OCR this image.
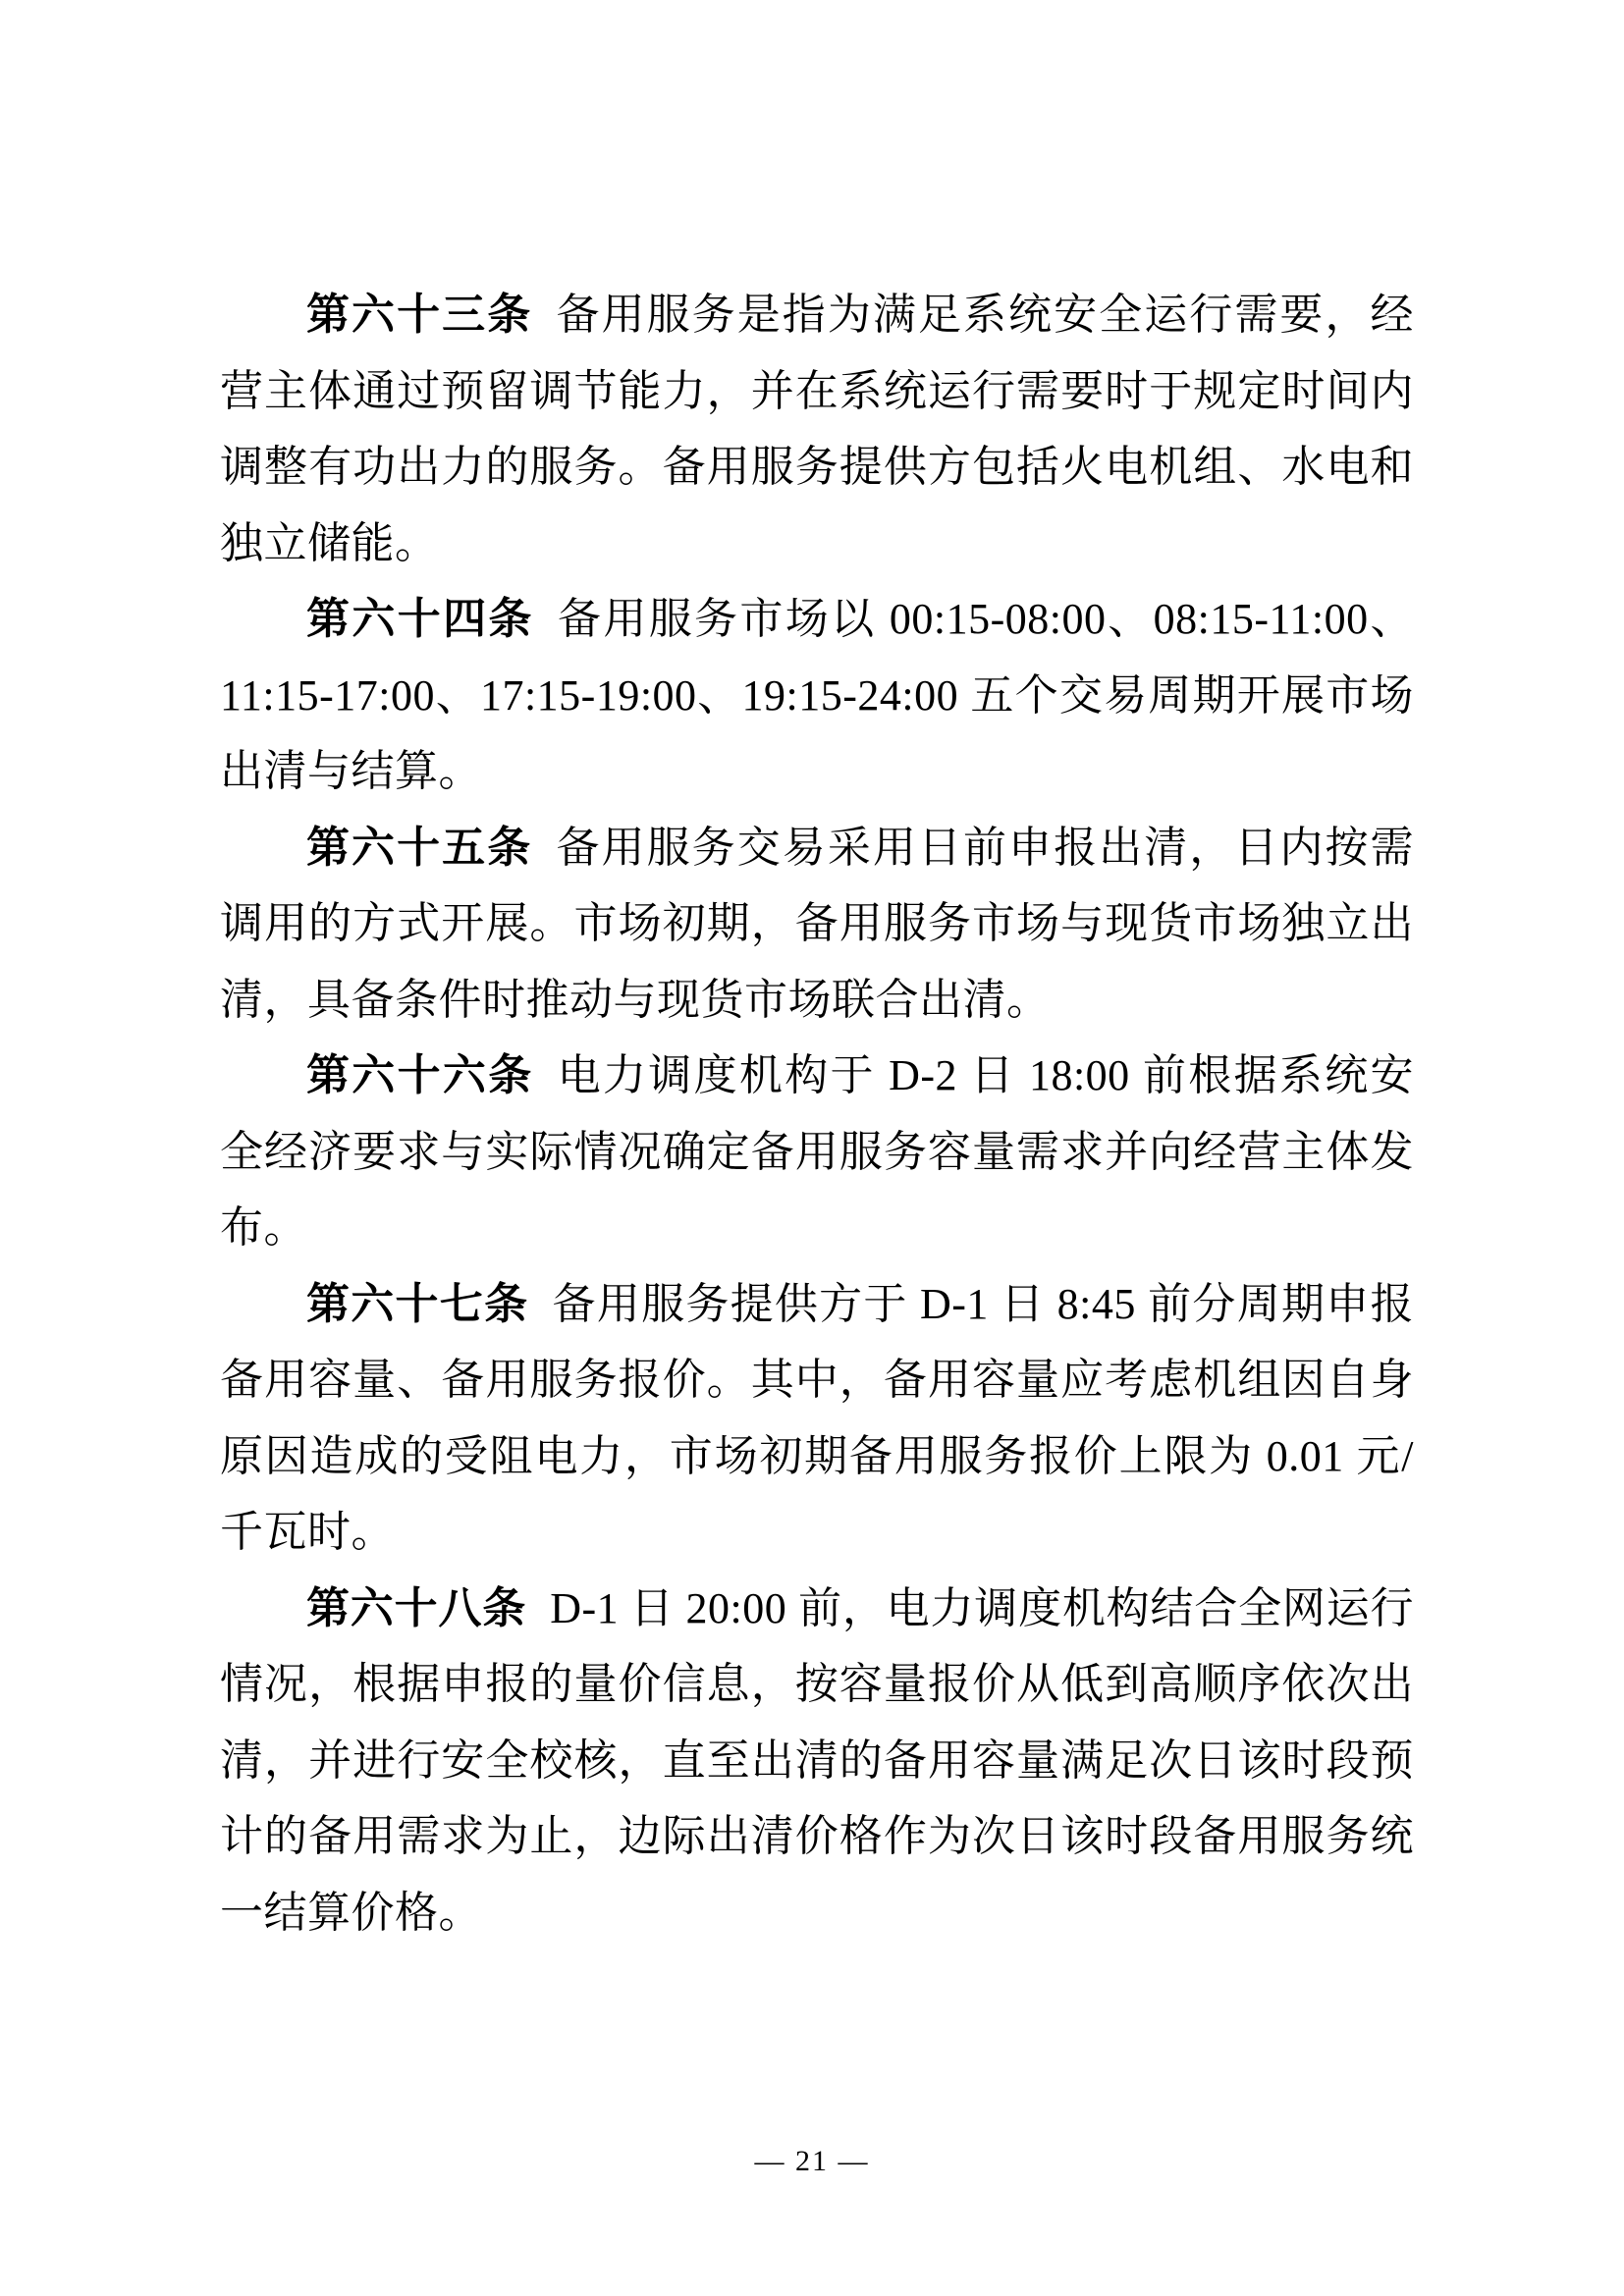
第六十三条 备用服务是指为满足系统安全运行需要，经营主体通过预留调节能力，并在系统运行需要时于规定时间内调整有功出力的服务。备用服务提供方包括火电机组、水电和独立储能。

第六十四条 备用服务市场以 00:15-08:00、08:15-11:00、11:15-17:00、17:15-19:00、19:15-24:00 五个交易周期开展市场出清与结算。

第六十五条 备用服务交易采用日前申报出清，日内按需调用的方式开展。市场初期，备用服务市场与现货市场独立出清，具备条件时推动与现货市场联合出清。

第六十六条 电力调度机构于 D-2 日 18:00 前根据系统安全经济要求与实际情况确定备用服务容量需求并向经营主体发布。

第六十七条 备用服务提供方于 D-1 日 8:45 前分周期申报备用容量、备用服务报价。其中，备用容量应考虑机组因自身原因造成的受阻电力，市场初期备用服务报价上限为 0.01 元/千瓦时。

第六十八条 D-1 日 20:00 前，电力调度机构结合全网运行情况，根据申报的量价信息，按容量报价从低到高顺序依次出清，并进行安全校核，直至出清的备用容量满足次日该时段预计的备用需求为止，边际出清价格作为次日该时段备用服务统一结算价格。

— 21 —
